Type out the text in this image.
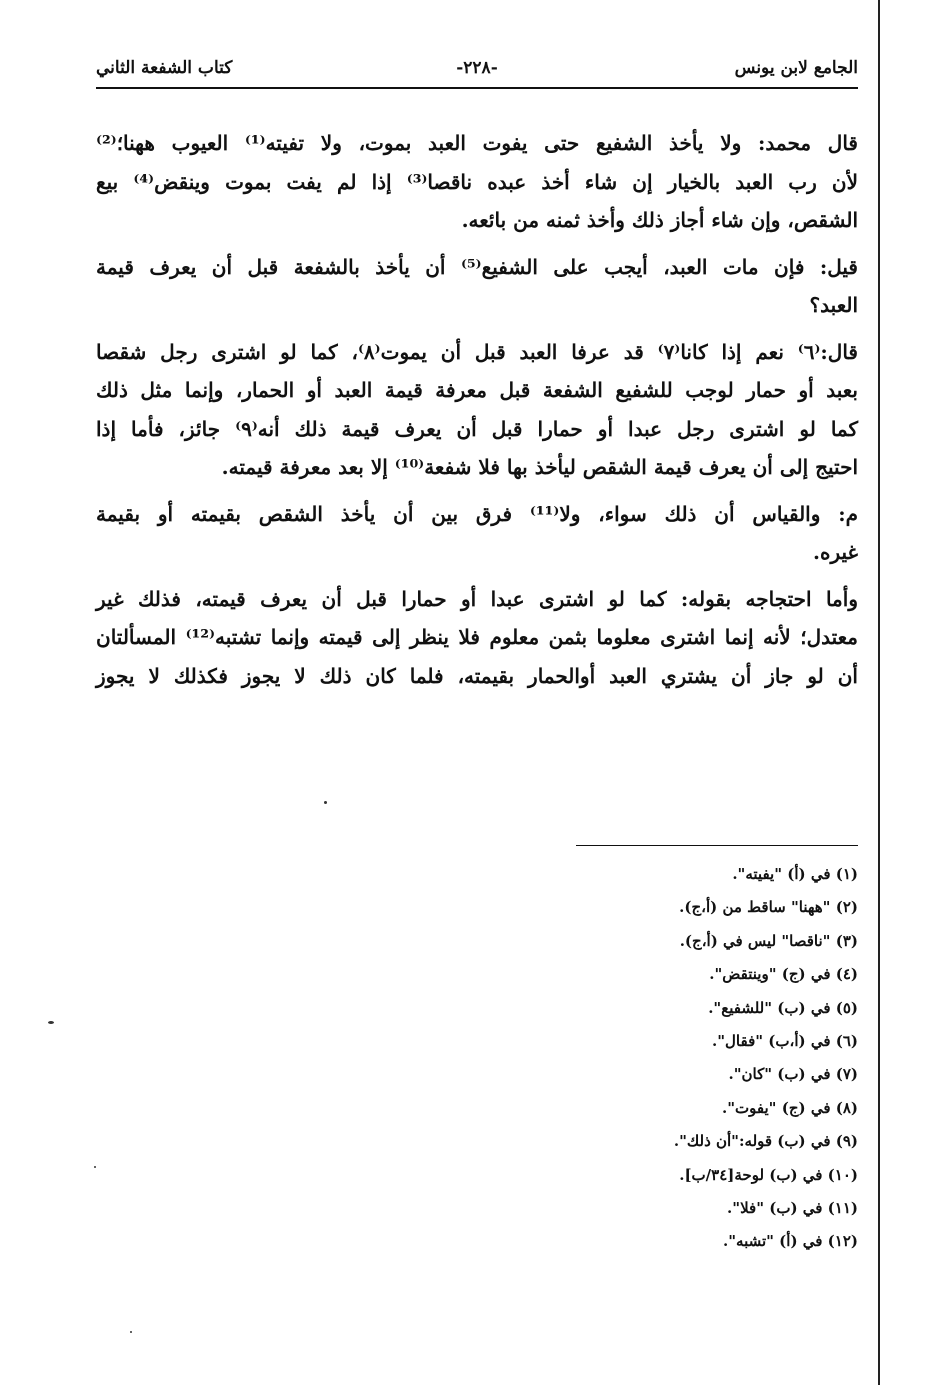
الجامع لابن يونس
-٢٢٨-
كتاب الشفعة الثاني

قال محمد: ولا يأخذ الشفيع حتى يفوت العبد بموت، ولا تفيته⁽¹⁾ العيوب ههنا؛⁽²⁾
لأن رب العبد بالخيار إن شاء أخذ عبده ناقصا⁽³⁾ إذا لم يفت بموت وينقض⁽⁴⁾ بيع
الشقص، وإن شاء أجاز ذلك وأخذ ثمنه من بائعه.

قيل: فإن مات العبد، أيجب على الشفيع⁽⁵⁾ أن يأخذ بالشفعة قبل أن يعرف قيمة
العبد؟

قال:⁽٦⁾ نعم إذا كانا⁽٧⁾ قد عرفا العبد قبل أن يموت⁽٨⁾، كما لو اشترى رجل شقصا
بعبد أو حمار لوجب للشفيع الشفعة قبل معرفة قيمة العبد أو الحمار، وإنما مثل ذلك
كما لو اشترى رجل عبدا أو حمارا قبل أن يعرف قيمة ذلك أنه⁽٩⁾ جائز، فأما إذا
احتيج إلى أن يعرف قيمة الشقص ليأخذ بها فلا شفعة⁽¹⁰⁾ إلا بعد معرفة قيمته.

م: والقياس أن ذلك سواء، ولا⁽¹¹⁾ فرق بين أن يأخذ الشقص بقيمته أو بقيمة
غيره.

وأما احتجاجه بقوله: كما لو اشترى عبدا أو حمارا قبل أن يعرف قيمته، فذلك غير
معتدل؛ لأنه إنما اشترى معلوما بثمن معلوم فلا ينظر إلى قيمته وإنما تشتبه⁽¹²⁾ المسألتان
أن لو جاز أن يشتري العبد أوالحمار بقيمته، فلما كان ذلك لا يجوز فكذلك لا يجوز

(١) في (أ) "يفيته".
(٢) "ههنا" ساقط من (أ،ج).
(٣) "ناقصا" ليس في (أ،ج).
(٤) في (ج) "وينتقض".
(٥) في (ب) "للشفيع".
(٦) في (أ،ب) "فقال".
(٧) في (ب) "كان".
(٨) في (ج) "يفوت".
(٩) في (ب) قوله:"أن ذلك".
(١٠) في (ب) لوحة[٣٤/ب].
(١١) في (ب) "فلا".
(١٢) في (أ) "تشبه".
